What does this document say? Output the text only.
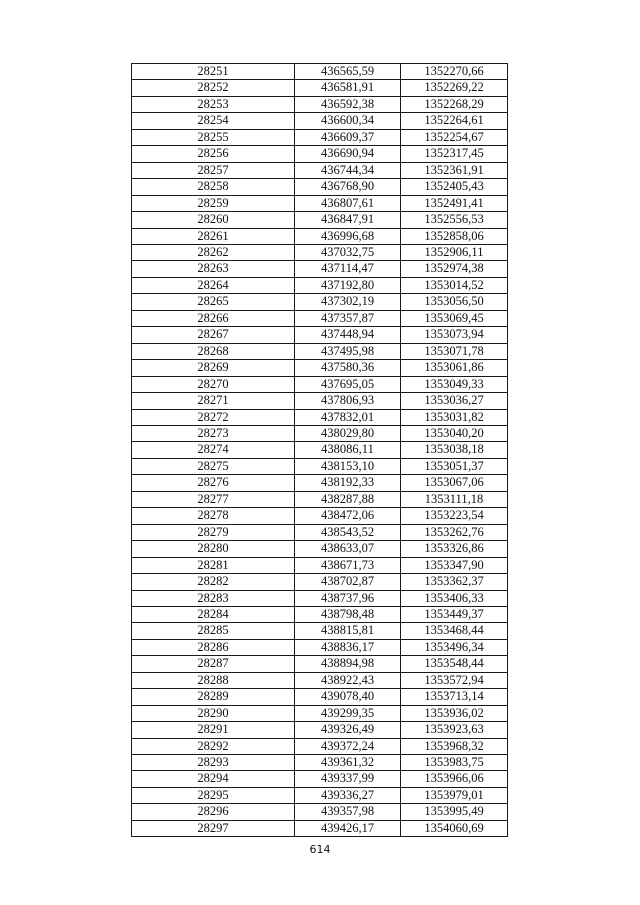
28251	436565,59	1352270,66
28252	436581,91	1352269,22
28253	436592,38	1352268,29
28254	436600,34	1352264,61
28255	436609,37	1352254,67
28256	436690,94	1352317,45
28257	436744,34	1352361,91
28258	436768,90	1352405,43
28259	436807,61	1352491,41
28260	436847,91	1352556,53
28261	436996,68	1352858,06
28262	437032,75	1352906,11
28263	437114,47	1352974,38
28264	437192,80	1353014,52
28265	437302,19	1353056,50
28266	437357,87	1353069,45
28267	437448,94	1353073,94
28268	437495,98	1353071,78
28269	437580,36	1353061,86
28270	437695,05	1353049,33
28271	437806,93	1353036,27
28272	437832,01	1353031,82
28273	438029,80	1353040,20
28274	438086,11	1353038,18
28275	438153,10	1353051,37
28276	438192,33	1353067,06
28277	438287,88	1353111,18
28278	438472,06	1353223,54
28279	438543,52	1353262,76
28280	438633,07	1353326,86
28281	438671,73	1353347,90
28282	438702,87	1353362,37
28283	438737,96	1353406,33
28284	438798,48	1353449,37
28285	438815,81	1353468,44
28286	438836,17	1353496,34
28287	438894,98	1353548,44
28288	438922,43	1353572,94
28289	439078,40	1353713,14
28290	439299,35	1353936,02
28291	439326,49	1353923,63
28292	439372,24	1353968,32
28293	439361,32	1353983,75
28294	439337,99	1353966,06
28295	439336,27	1353979,01
28296	439357,98	1353995,49
28297	439426,17	1354060,69
614
